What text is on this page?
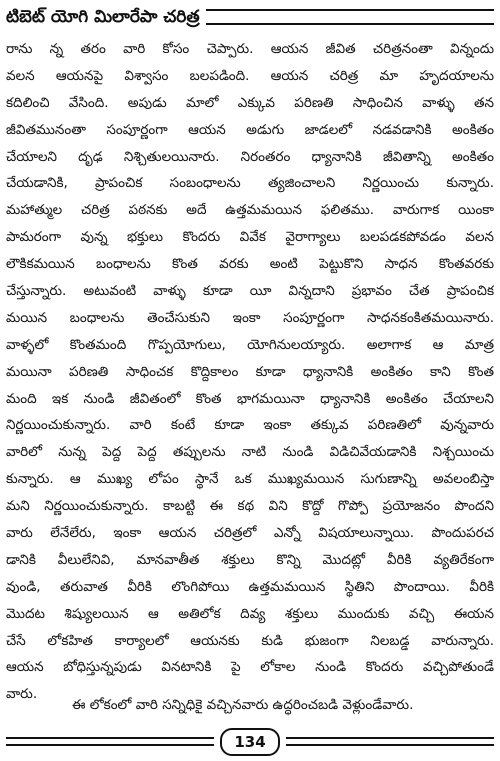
టిబెట్ యోగి మిలారేపా చరిత్ర
రాను న్న తరం వారి కోసం చెప్పారు. ఆయన జీవిత చరిత్రనంతా విన్నందు
వలన ఆయనపై విశ్వాసం బలపడింది. ఆయన చరిత్ర మా హృదయాలను
కదిలించి వేసింది. అపుడు మాలో ఎక్కువ పరిణతి సాధించిన వాళ్ళు తన
జీవితమునంతా సంపూర్ణంగా ఆయన అడుగు జాడలలో నడవడానికి అంకితం
చేయాలని దృఢ నిశ్చితులయినారు. నిరంతరం ధ్యానానికి జీవితాన్ని అంకితం
చేయడానికి, ప్రాపంచిక సంబంధాలను త్యజించాలని నిర్ణయించు కున్నారు.
మహాత్ముల చరిత్ర పఠనకు అదే ఉత్తమమయిన ఫలితము. వారుగాక యింకా
పామరంగా వున్న భక్తులు కొందరు వివేక వైరాగ్యాలు బలపడకపోవడం వలన
లౌకికమయిన బంధాలను కొంత వరకు అంటి పెట్టుకొని సాధన కొంతవరకు
చేస్తున్నారు. అటువంటి వాళ్ళు కూడా యీ విన్నదాని ప్రభావం చేత ప్రాపంచిక
మయిన బంధాలను తెంచేసుకుని ఇంకా సంపూర్ణంగా సాధనకంకితమయినారు.
వాళ్ళలో కొంతమంది గొప్పయోగులు, యోగినులయ్యారు. అలాగాక ఆ మాత్ర
మయినా పరిణతి సాధించక కొద్దికాలం కూడా ధ్యానానికి అంకితం కాని కొంత
మంది ఇక నుండి జీవితంలో కొంత భాగమయినా ధ్యానానికి అంకితం చేయాలని
నిర్ణయించుకున్నారు. వారి కంటే కూడా ఇంకా తక్కువ పరిణతిలో వున్నవారు
వారిలో నున్న పెద్ద పెద్ద తప్పులను నాటి నుండి విడిచివేయడానికి నిశ్చయించు
కున్నారు. ఆ ముఖ్య లోపం స్థానే ఒక ముఖ్యమయిన సుగుణాన్ని అవలంబిస్తా
మని నిర్ణయించుకున్నారు. కాబట్టి ఈ కథ విని కొద్దో గొప్పో ప్రయోజనం పొందని
వారు లేనేలేరు, ఇంకా ఆయన చరిత్రలో ఎన్నో విషయాలున్నాయి. పొందుపరచ
డానికి వీలులేనివి, మానవాతీత శక్తులు కొన్ని మొదట్లో వీరికి వ్యతిరేకంగా
వుండి, తరువాత వీరికి లొంగిపోయి ఉత్తమమయిన స్థితిని పొందాయి. వీరికి
మొదట శిష్యులయిన ఆ అతిలోక దివ్య శక్తులు ముందుకు వచ్చి ఈయన
చేసే లోకహిత కార్యాలలో ఆయనకు కుడి భుజంగా నిలబడ్డ వారున్నారు.
ఆయన బోధిస్తున్నపుడు వినటానికి పై లోకాల నుండి కొందరు వచ్చిపోతుండే
వారు.
ఈ లోకంలో వారి సన్నిధికై వచ్చినవారు ఉద్ధరించబడి వెళ్లుండేవారు.
134
